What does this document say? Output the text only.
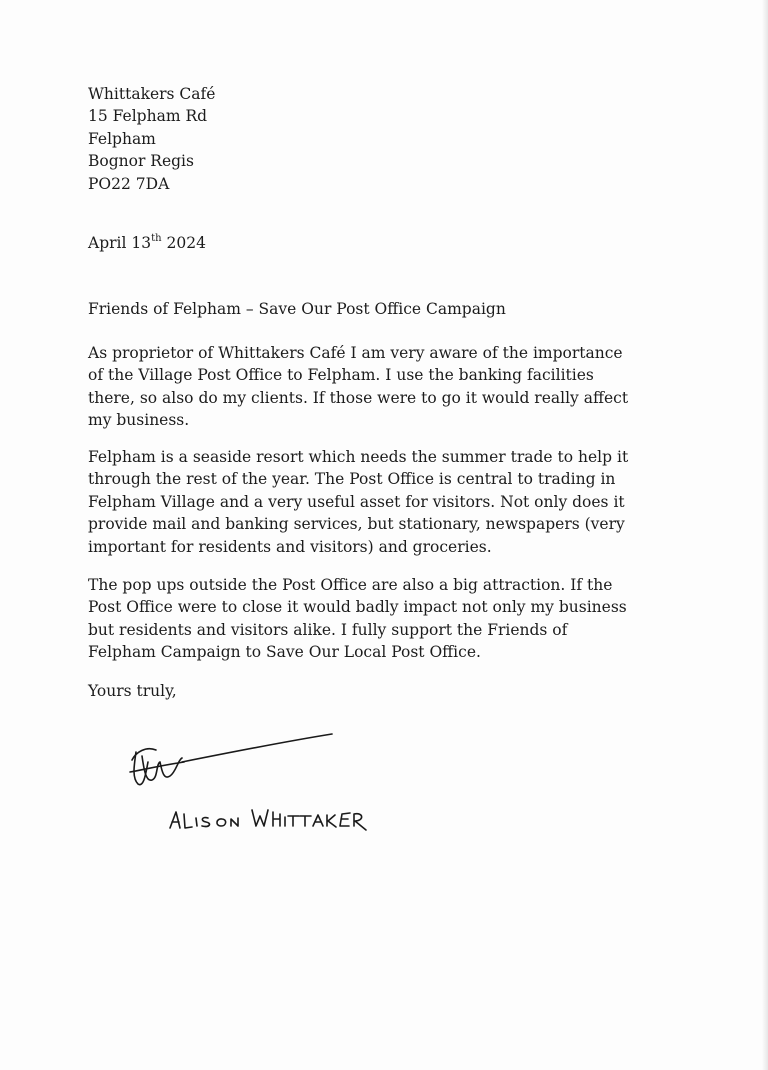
Whittakers Café
15 Felpham Rd
Felpham
Bognor Regis
PO22 7DA
April 13th 2024
Friends of Felpham – Save Our Post Office Campaign
As proprietor of Whittakers Café I am very aware of the importance
of the Village Post Office to Felpham. I use the banking facilities
there, so also do my clients. If those were to go it would really affect
my business.
Felpham is a seaside resort which needs the summer trade to help it
through the rest of the year. The Post Office is central to trading in
Felpham Village and a very useful asset for visitors. Not only does it
provide mail and banking services, but stationary, newspapers (very
important for residents and visitors) and groceries.
The pop ups outside the Post Office are also a big attraction. If the
Post Office were to close it would badly impact not only my business
but residents and visitors alike. I fully support the Friends of
Felpham Campaign to Save Our Local Post Office.
Yours truly,
